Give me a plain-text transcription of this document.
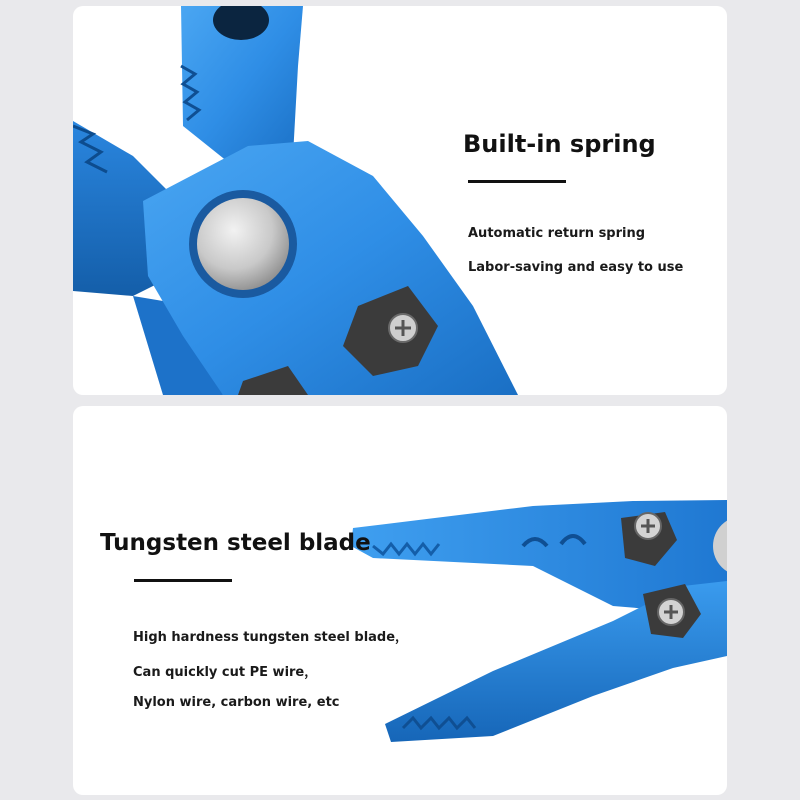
Built-in spring
Automatic return spring
Labor-saving and easy to use
Tungsten steel blade
High hardness tungsten steel blade，
Can quickly cut PE wire，
Nylon wire, carbon wire, etc
